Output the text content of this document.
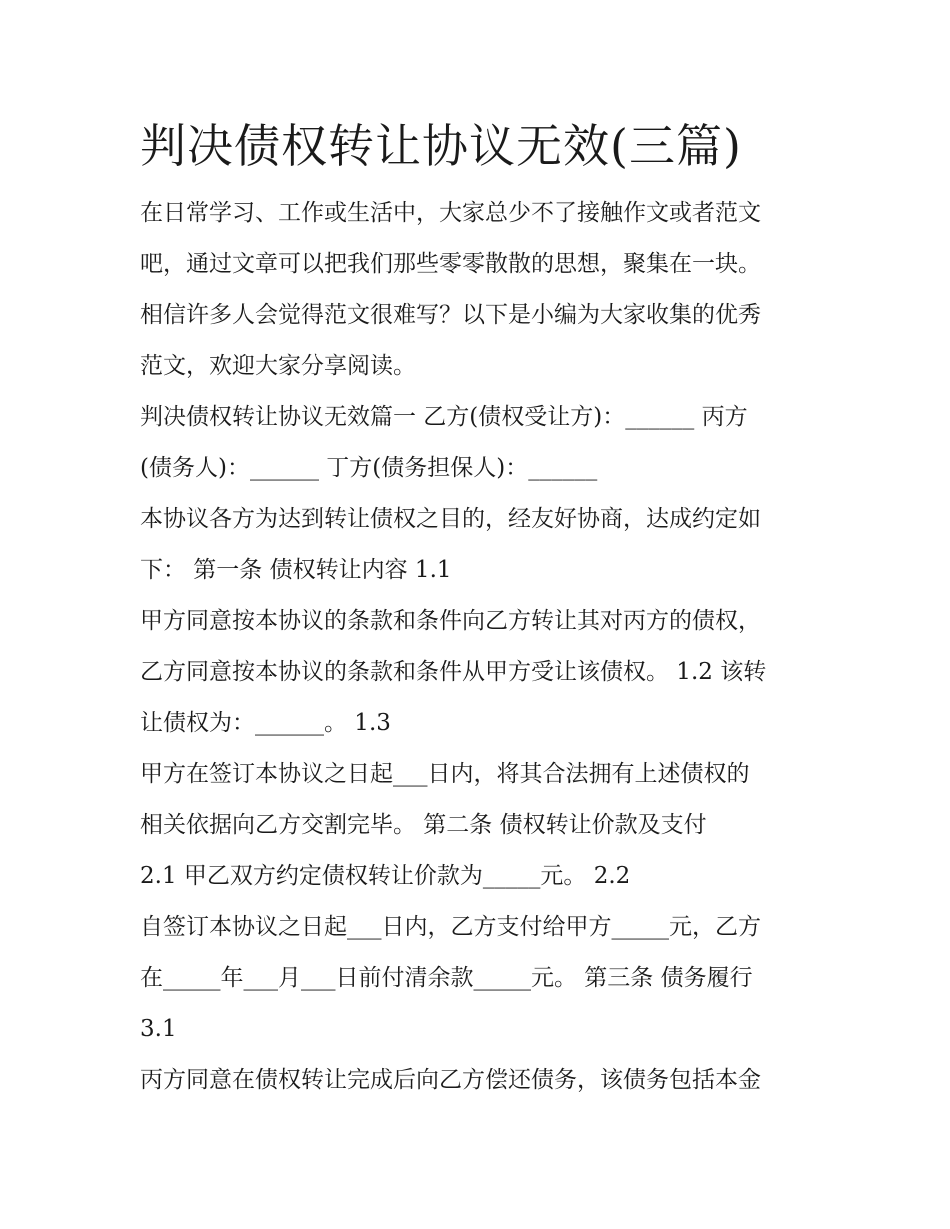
判决债权转让协议无效(三篇)

在日常学习、工作或生活中，大家总少不了接触作文或者范文

吧，通过文章可以把我们那些零零散散的思想，聚集在一块。

相信许多人会觉得范文很难写？以下是小编为大家收集的优秀

范文，欢迎大家分享阅读。

判决债权转让协议无效篇一 乙方(债权受让方)：______ 丙方

(债务人)：______ 丁方(债务担保人)：______

本协议各方为达到转让债权之目的，经友好协商，达成约定如

下： 第一条 债权转让内容 1.1

甲方同意按本协议的条款和条件向乙方转让其对丙方的债权，

乙方同意按本协议的条款和条件从甲方受让该债权。 1.2 该转

让债权为：______。 1.3

甲方在签订本协议之日起___日内，将其合法拥有上述债权的

相关依据向乙方交割完毕。 第二条 债权转让价款及支付

2.1 甲乙双方约定债权转让价款为_____元。 2.2

自签订本协议之日起___日内，乙方支付给甲方_____元，乙方

在_____年___月___日前付清余款_____元。 第三条 债务履行

3.1

丙方同意在债权转让完成后向乙方偿还债务，该债务包括本金
